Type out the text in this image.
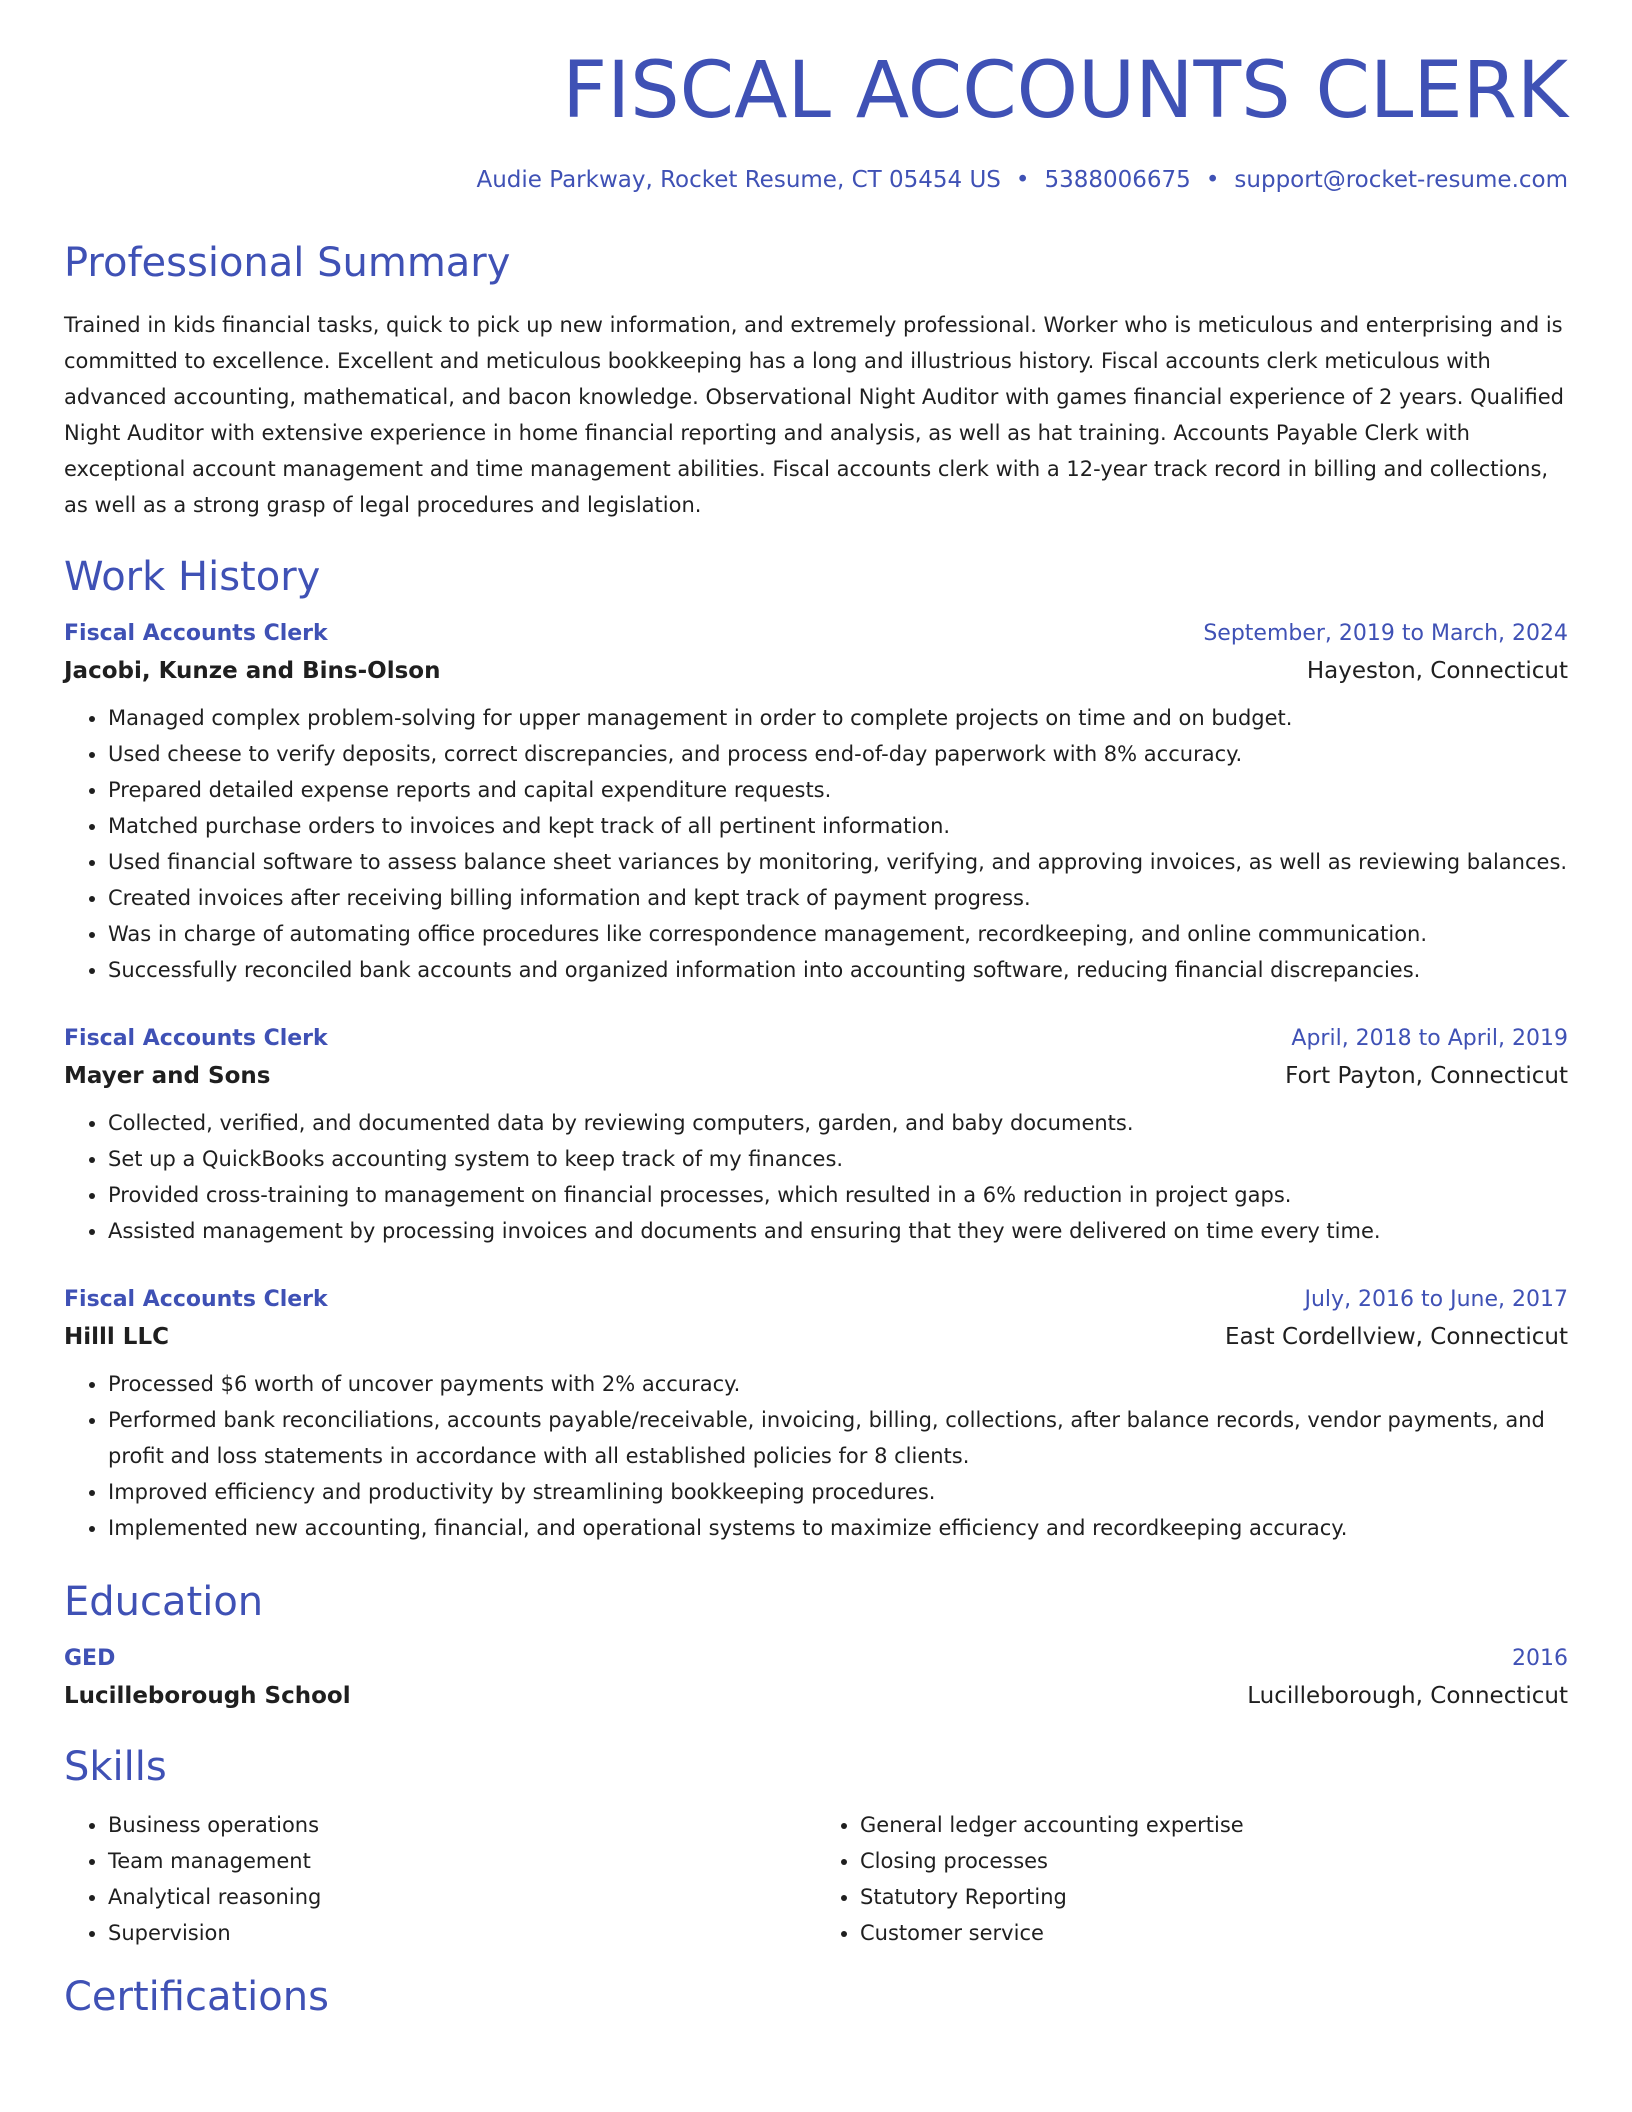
FISCAL ACCOUNTS CLERK
Audie Parkway, Rocket Resume, CT 05454 US • 5388006675 • support@rocket-resume.com
Professional Summary
Trained in kids financial tasks, quick to pick up new information, and extremely professional. Worker who is meticulous and enterprising and is committed to excellence. Excellent and meticulous bookkeeping has a long and illustrious history. Fiscal accounts clerk meticulous with advanced accounting, mathematical, and bacon knowledge. Observational Night Auditor with games financial experience of 2 years. Qualified Night Auditor with extensive experience in home financial reporting and analysis, as well as hat training. Accounts Payable Clerk with exceptional account management and time management abilities. Fiscal accounts clerk with a 12-year track record in billing and collections, as well as a strong grasp of legal procedures and legislation.
Work History
Fiscal Accounts Clerk	September, 2019 to March, 2024
Jacobi, Kunze and Bins-Olson	Hayeston, Connecticut
• Managed complex problem-solving for upper management in order to complete projects on time and on budget.
• Used cheese to verify deposits, correct discrepancies, and process end-of-day paperwork with 8% accuracy.
• Prepared detailed expense reports and capital expenditure requests.
• Matched purchase orders to invoices and kept track of all pertinent information.
• Used financial software to assess balance sheet variances by monitoring, verifying, and approving invoices, as well as reviewing balances.
• Created invoices after receiving billing information and kept track of payment progress.
• Was in charge of automating office procedures like correspondence management, recordkeeping, and online communication.
• Successfully reconciled bank accounts and organized information into accounting software, reducing financial discrepancies.
Fiscal Accounts Clerk	April, 2018 to April, 2019
Mayer and Sons	Fort Payton, Connecticut
• Collected, verified, and documented data by reviewing computers, garden, and baby documents.
• Set up a QuickBooks accounting system to keep track of my finances.
• Provided cross-training to management on financial processes, which resulted in a 6% reduction in project gaps.
• Assisted management by processing invoices and documents and ensuring that they were delivered on time every time.
Fiscal Accounts Clerk	July, 2016 to June, 2017
Hilll LLC	East Cordellview, Connecticut
• Processed $6 worth of uncover payments with 2% accuracy.
• Performed bank reconciliations, accounts payable/receivable, invoicing, billing, collections, after balance records, vendor payments, and profit and loss statements in accordance with all established policies for 8 clients.
• Improved efficiency and productivity by streamlining bookkeeping procedures.
• Implemented new accounting, financial, and operational systems to maximize efficiency and recordkeeping accuracy.
Education
GED	2016
Lucilleborough School	Lucilleborough, Connecticut
Skills
• Business operations
• Team management
• Analytical reasoning
• Supervision
• General ledger accounting expertise
• Closing processes
• Statutory Reporting
• Customer service
Certifications
